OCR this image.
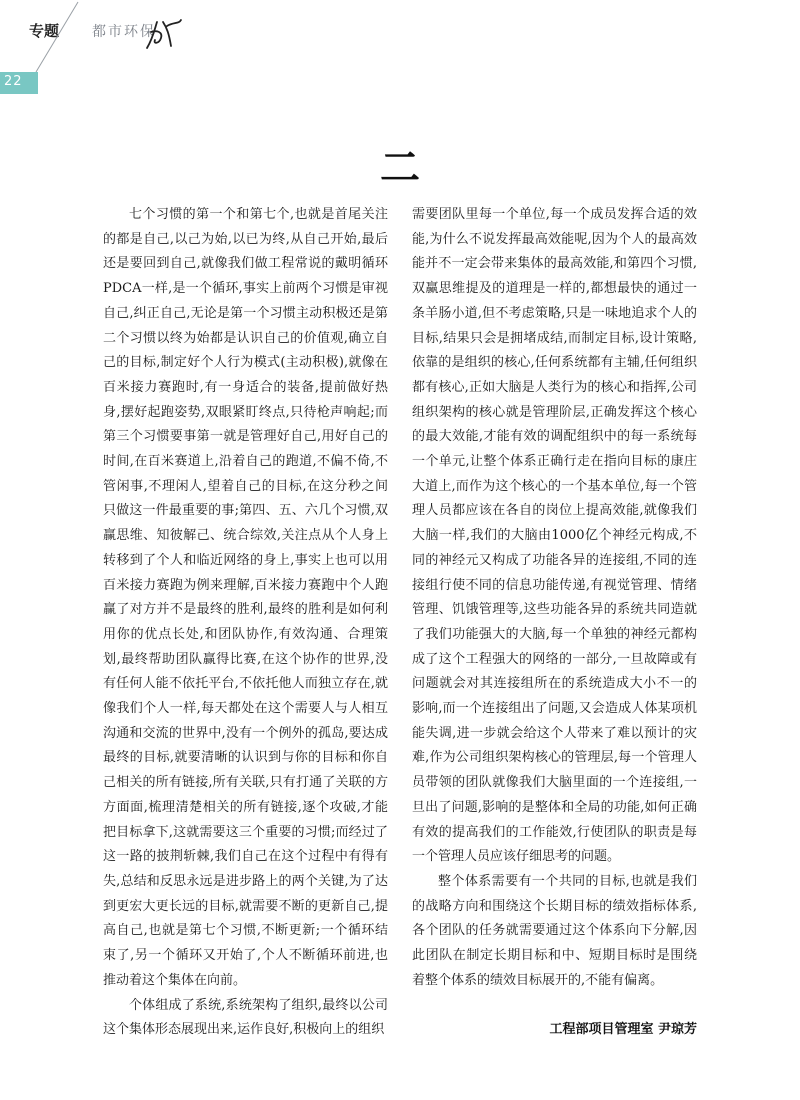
专题 都市环保
22
二

七个习惯的第一个和第七个,也就是首尾关注的都是自己,以己为始,以已为终,从自己开始,最后还是要回到自己,就像我们做工程常说的戴明循环PDCA一样,是一个循环,事实上前两个习惯是审视自己,纠正自己,无论是第一个习惯主动积极还是第二个习惯以终为始都是认识自己的价值观,确立自己的目标,制定好个人行为模式(主动积极),就像在百米接力赛跑时,有一身适合的装备,提前做好热身,摆好起跑姿势,双眼紧盯终点,只待枪声响起;而第三个习惯要事第一就是管理好自己,用好自己的时间,在百米赛道上,沿着自己的跑道,不偏不倚,不管闲事,不理闲人,望着自己的目标,在这分秒之间只做这一件最重要的事;第四、五、六几个习惯,双赢思维、知彼解己、统合综效,关注点从个人身上转移到了个人和临近网络的身上,事实上也可以用百米接力赛跑为例来理解,百米接力赛跑中个人跑赢了对方并不是最终的胜利,最终的胜利是如何利用你的优点长处,和团队协作,有效沟通、合理策划,最终帮助团队赢得比赛,在这个协作的世界,没有任何人能不依托平台,不依托他人而独立存在,就像我们个人一样,每天都处在这个需要人与人相互沟通和交流的世界中,没有一个例外的孤岛,要达成最终的目标,就要清晰的认识到与你的目标和你自己相关的所有链接,所有关联,只有打通了关联的方方面面,梳理清楚相关的所有链接,逐个攻破,才能把目标拿下,这就需要这三个重要的习惯;而经过了这一路的披荆斩棘,我们自己在这个过程中有得有失,总结和反思永远是进步路上的两个关键,为了达到更宏大更长远的目标,就需要不断的更新自己,提高自己,也就是第七个习惯,不断更新;一个循环结束了,另一个循环又开始了,个人不断循环前进,也推动着这个集体在向前。

个体组成了系统,系统架构了组织,最终以公司这个集体形态展现出来,运作良好,积极向上的组织

需要团队里每一个单位,每一个成员发挥合适的效能,为什么不说发挥最高效能呢,因为个人的最高效能并不一定会带来集体的最高效能,和第四个习惯,双赢思维提及的道理是一样的,都想最快的通过一条羊肠小道,但不考虑策略,只是一味地追求个人的目标,结果只会是拥堵成结,而制定目标,设计策略,依靠的是组织的核心,任何系统都有主辅,任何组织都有核心,正如大脑是人类行为的核心和指挥,公司组织架构的核心就是管理阶层,正确发挥这个核心的最大效能,才能有效的调配组织中的每一系统每一个单元,让整个体系正确行走在指向目标的康庄大道上,而作为这个核心的一个基本单位,每一个管理人员都应该在各自的岗位上提高效能,就像我们大脑一样,我们的大脑由1000亿个神经元构成,不同的神经元又构成了功能各异的连接组,不同的连接组行使不同的信息功能传递,有视觉管理、情绪管理、饥饿管理等,这些功能各异的系统共同造就了我们功能强大的大脑,每一个单独的神经元都构成了这个工程强大的网络的一部分,一旦故障或有问题就会对其连接组所在的系统造成大小不一的影响,而一个连接组出了问题,又会造成人体某项机能失调,进一步就会给这个人带来了难以预计的灾难,作为公司组织架构核心的管理层,每一个管理人员带领的团队就像我们大脑里面的一个连接组,一旦出了问题,影响的是整体和全局的功能,如何正确有效的提高我们的工作能效,行使团队的职责是每一个管理人员应该仔细思考的问题。

整个体系需要有一个共同的目标,也就是我们的战略方向和围绕这个长期目标的绩效指标体系,各个团队的任务就需要通过这个体系向下分解,因此团队在制定长期目标和中、短期目标时是围绕着整个体系的绩效目标展开的,不能有偏离。

工程部项目管理室 尹琼芳
